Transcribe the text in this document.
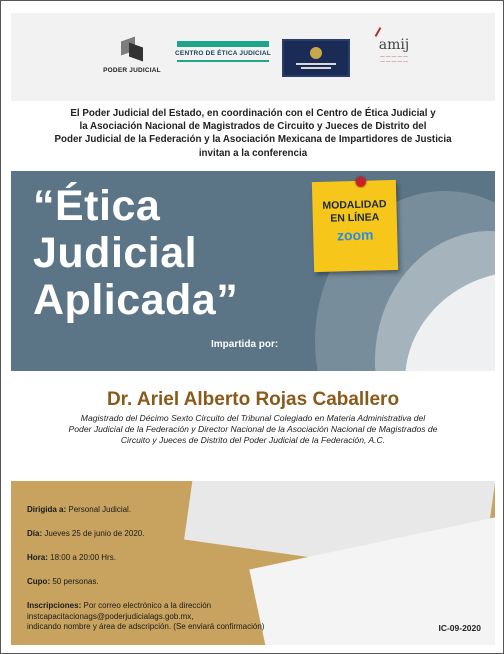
PODER JUDICIAL
CENTRO DE ÉTICA JUDICIAL
amij
— — — — —
— — — — —
El Poder Judicial del Estado, en coordinación con el Centro de Ética Judicial y
la Asociación Nacional de Magistrados de Circuito y Jueces de Distrito del
Poder Judicial de la Federación y la Asociación Mexicana de Impartidores de Justicia
invitan a la conferencia
“Ética
Judicial
Aplicada”
Impartida por:
MODALIDAD
EN LÍNEA
zoom
Dr. Ariel Alberto Rojas Caballero
Magistrado del Décimo Sexto Circuito del Tribunal Colegiado en Materia Administrativa del
Poder Judicial de la Federación y Director Nacional de la Asociación Nacional de Magistrados de
Circuito y Jueces de Distrito del Poder Judicial de la Federación, A.C.
Dirigida a: Personal Judicial.
Día: Jueves 25 de junio de 2020.
Hora: 18:00 a 20:00 Hrs.
Cupo: 50 personas.
Inscripciones: Por correo electrónico a la dirección
instcapacitacionags@poderjudicialags.gob.mx,
indicando nombre y área de adscripción. (Se enviará confirmación)	IC-09-2020
